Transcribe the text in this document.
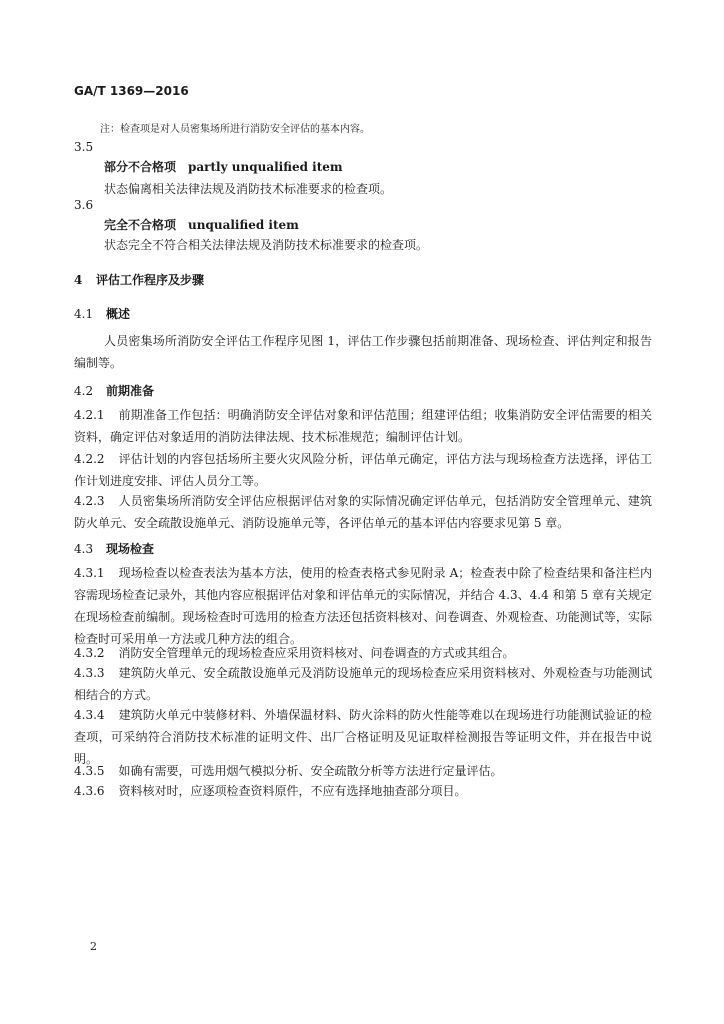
GA/T 1369—2016
注：检查项是对人员密集场所进行消防安全评估的基本内容。
3.5
部分不合格项 partly unqualified item
状态偏离相关法律法规及消防技术标准要求的检查项。
3.6
完全不合格项 unqualified item
状态完全不符合相关法律法规及消防技术标准要求的检查项。
4 评估工作程序及步骤
4.1 概述
人员密集场所消防安全评估工作程序见图 1，评估工作步骤包括前期准备、现场检查、评估判定和报告编制等。
4.2 前期准备
4.2.1 前期准备工作包括：明确消防安全评估对象和评估范围；组建评估组；收集消防安全评估需要的相关资料，确定评估对象适用的消防法律法规、技术标准规范；编制评估计划。
4.2.2 评估计划的内容包括场所主要火灾风险分析，评估单元确定，评估方法与现场检查方法选择，评估工作计划进度安排、评估人员分工等。
4.2.3 人员密集场所消防安全评估应根据评估对象的实际情况确定评估单元，包括消防安全管理单元、建筑防火单元、安全疏散设施单元、消防设施单元等，各评估单元的基本评估内容要求见第 5 章。
4.3 现场检查
4.3.1 现场检查以检查表法为基本方法，使用的检查表格式参见附录 A；检查表中除了检查结果和备注栏内容需现场检查记录外，其他内容应根据评估对象和评估单元的实际情况，并结合 4.3、4.4 和第 5 章有关规定在现场检查前编制。现场检查时可选用的检查方法还包括资料核对、问卷调查、外观检查、功能测试等，实际检查时可采用单一方法或几种方法的组合。
4.3.2 消防安全管理单元的现场检查应采用资料核对、问卷调查的方式或其组合。
4.3.3 建筑防火单元、安全疏散设施单元及消防设施单元的现场检查应采用资料核对、外观检查与功能测试相结合的方式。
4.3.4 建筑防火单元中装修材料、外墙保温材料、防火涂料的防火性能等难以在现场进行功能测试验证的检查项，可采纳符合消防技术标准的证明文件、出厂合格证明及见证取样检测报告等证明文件，并在报告中说明。
4.3.5 如确有需要，可选用烟气模拟分析、安全疏散分析等方法进行定量评估。
4.3.6 资料核对时，应逐项检查资料原件，不应有选择地抽查部分项目。
2
